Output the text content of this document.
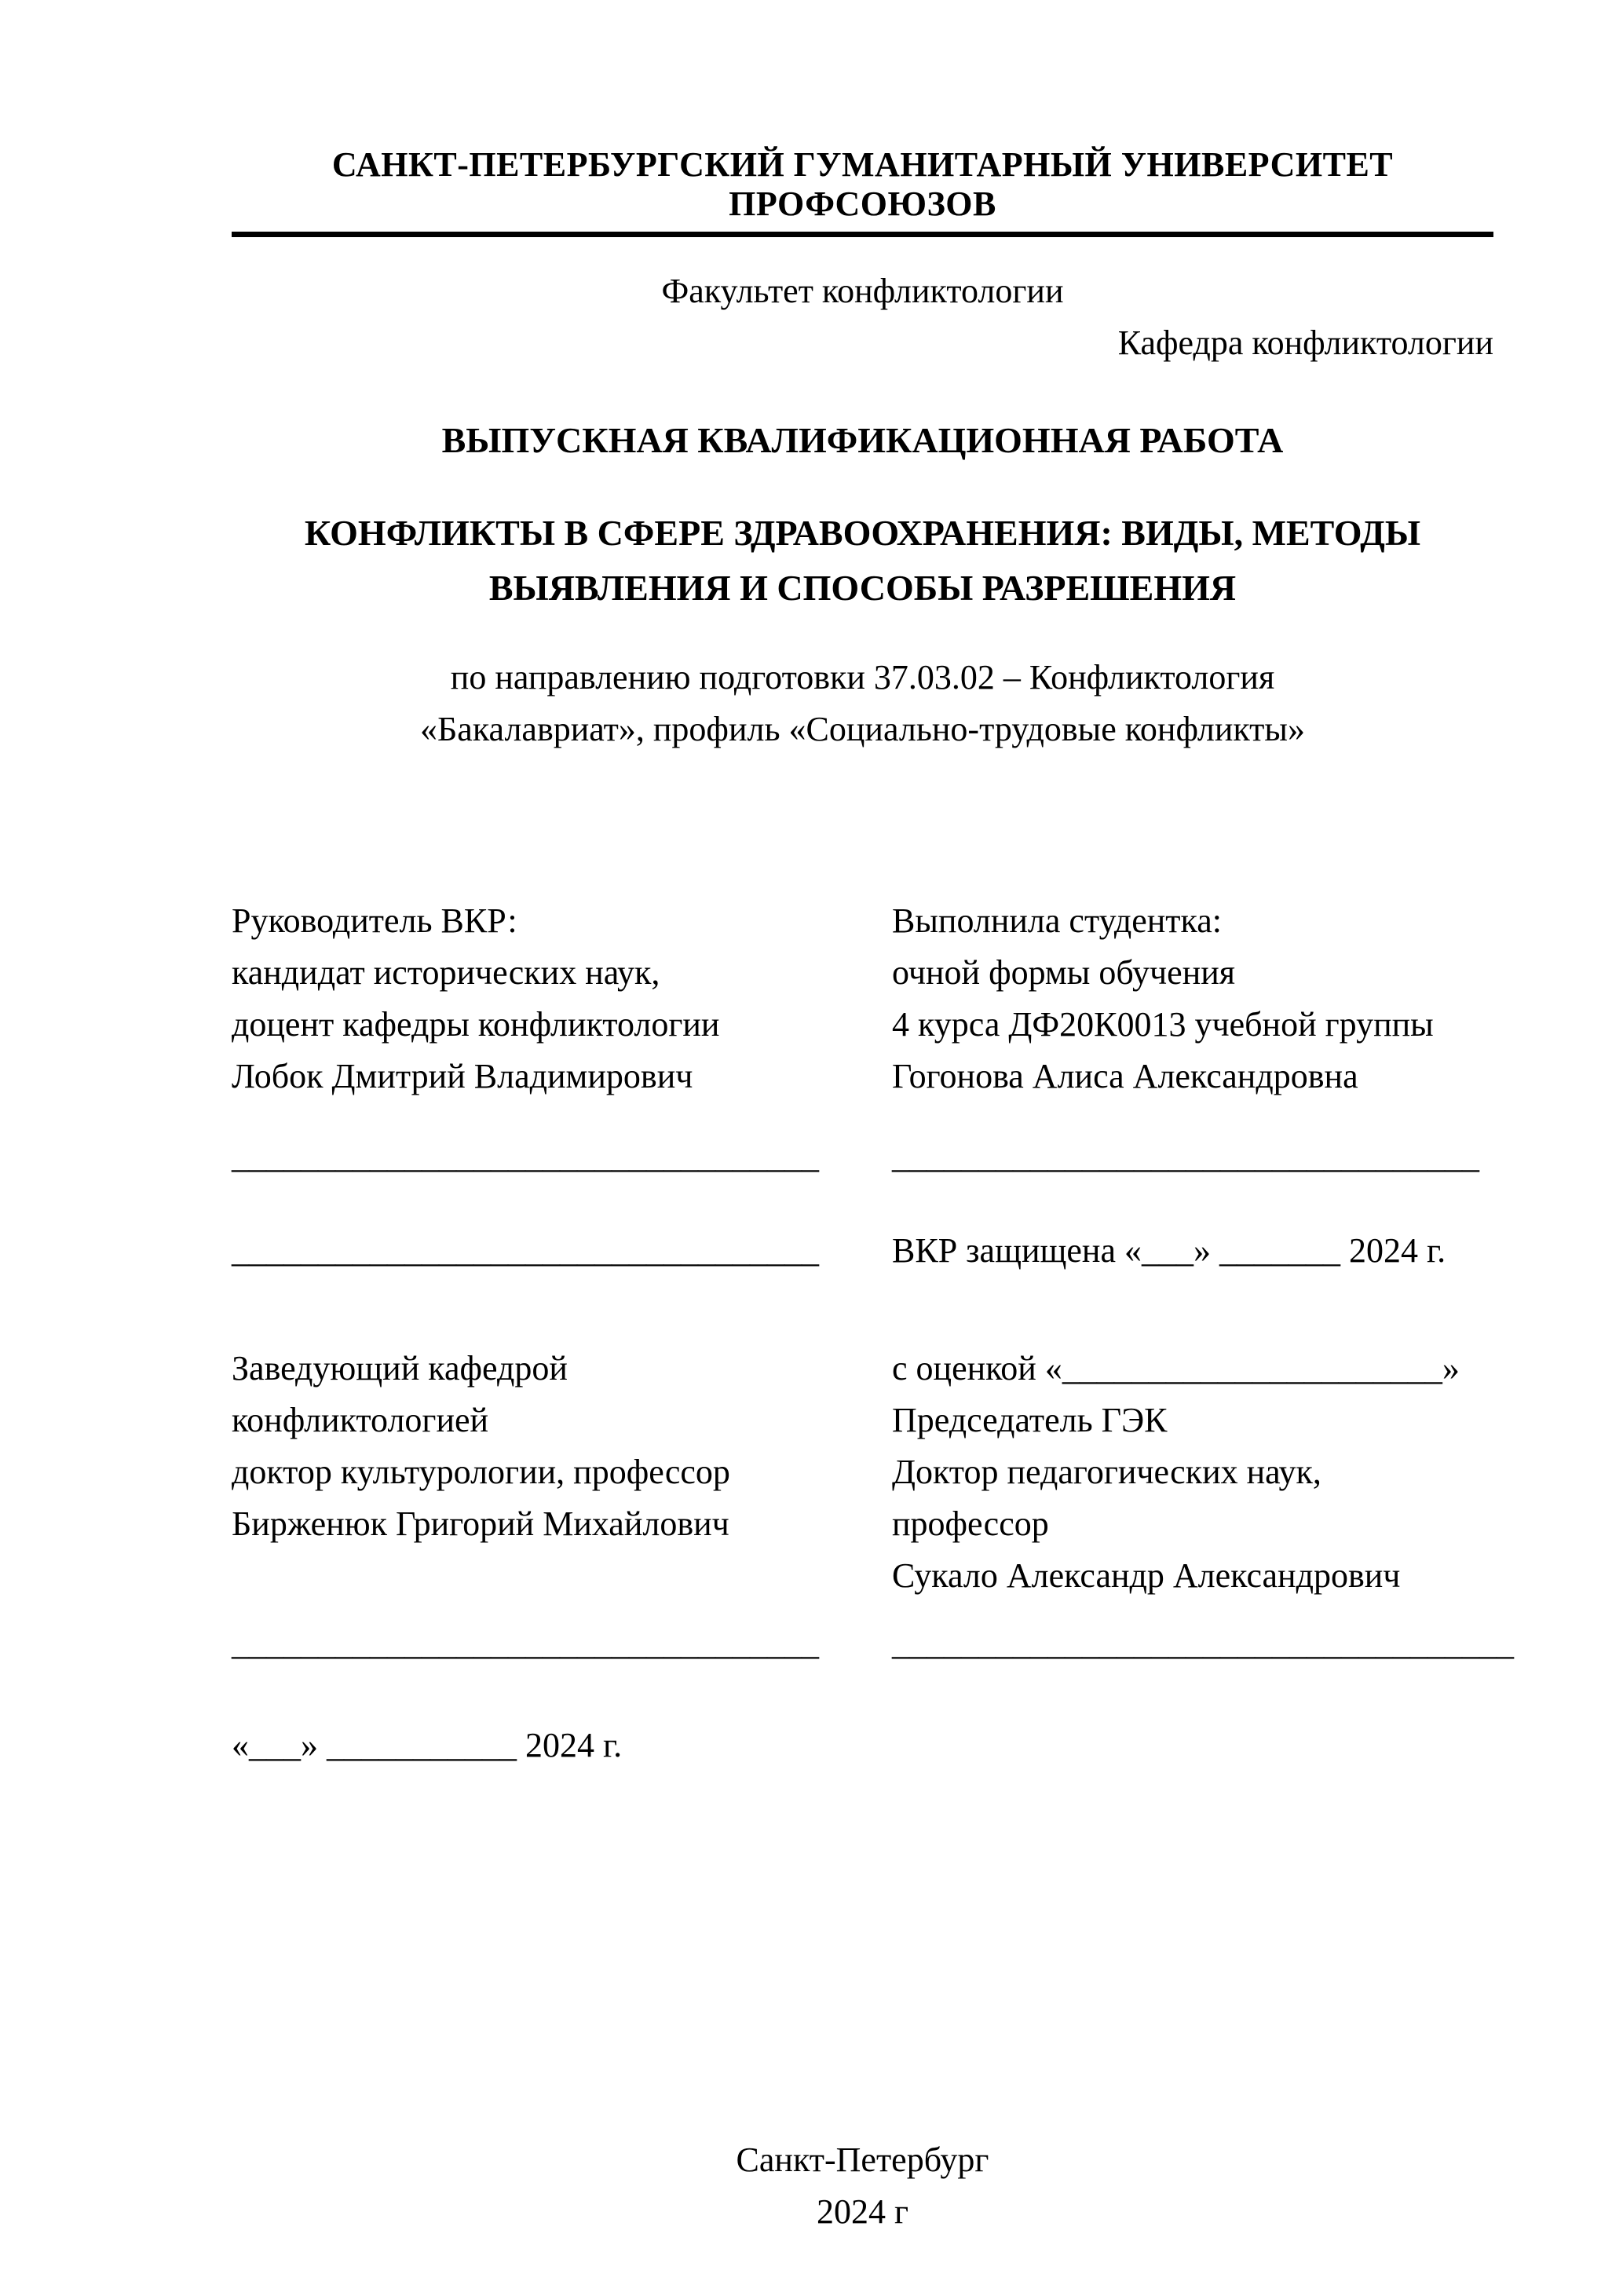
САНКТ-ПЕТЕРБУРГСКИЙ ГУМАНИТАРНЫЙ УНИВЕРСИТЕТ ПРОФСОЮЗОВ
Факультет конфликтологии
Кафедра конфликтологии
ВЫПУСКНАЯ КВАЛИФИКАЦИОННАЯ РАБОТА
КОНФЛИКТЫ В СФЕРЕ ЗДРАВООХРАНЕНИЯ: ВИДЫ, МЕТОДЫ
ВЫЯВЛЕНИЯ И СПОСОБЫ РАЗРЕШЕНИЯ
по направлению подготовки 37.03.02 – Конфликтология
«Бакалавриат», профиль «Социально-трудовые конфликты»
Руководитель ВКР:
кандидат исторических наук,
доцент кафедры конфликтологии
Лобок Дмитрий Владимирович
Выполнила студентка:
очной формы обучения
4 курса ДФ20К0013 учебной группы
Гогонова Алиса Александровна
__________________________________	__________________________________
__________________________________	ВКР защищена «___» _______ 2024 г.
Заведующий кафедрой
конфликтологией
доктор культурологии, профессор
Бирженюк Григорий Михайлович
с оценкой «______________________»
Председатель ГЭК
Доктор педагогических наук,
профессор
Сукало Александр Александрович
__________________________________	____________________________________
«___» ___________ 2024 г.
Санкт-Петербург
2024 г
